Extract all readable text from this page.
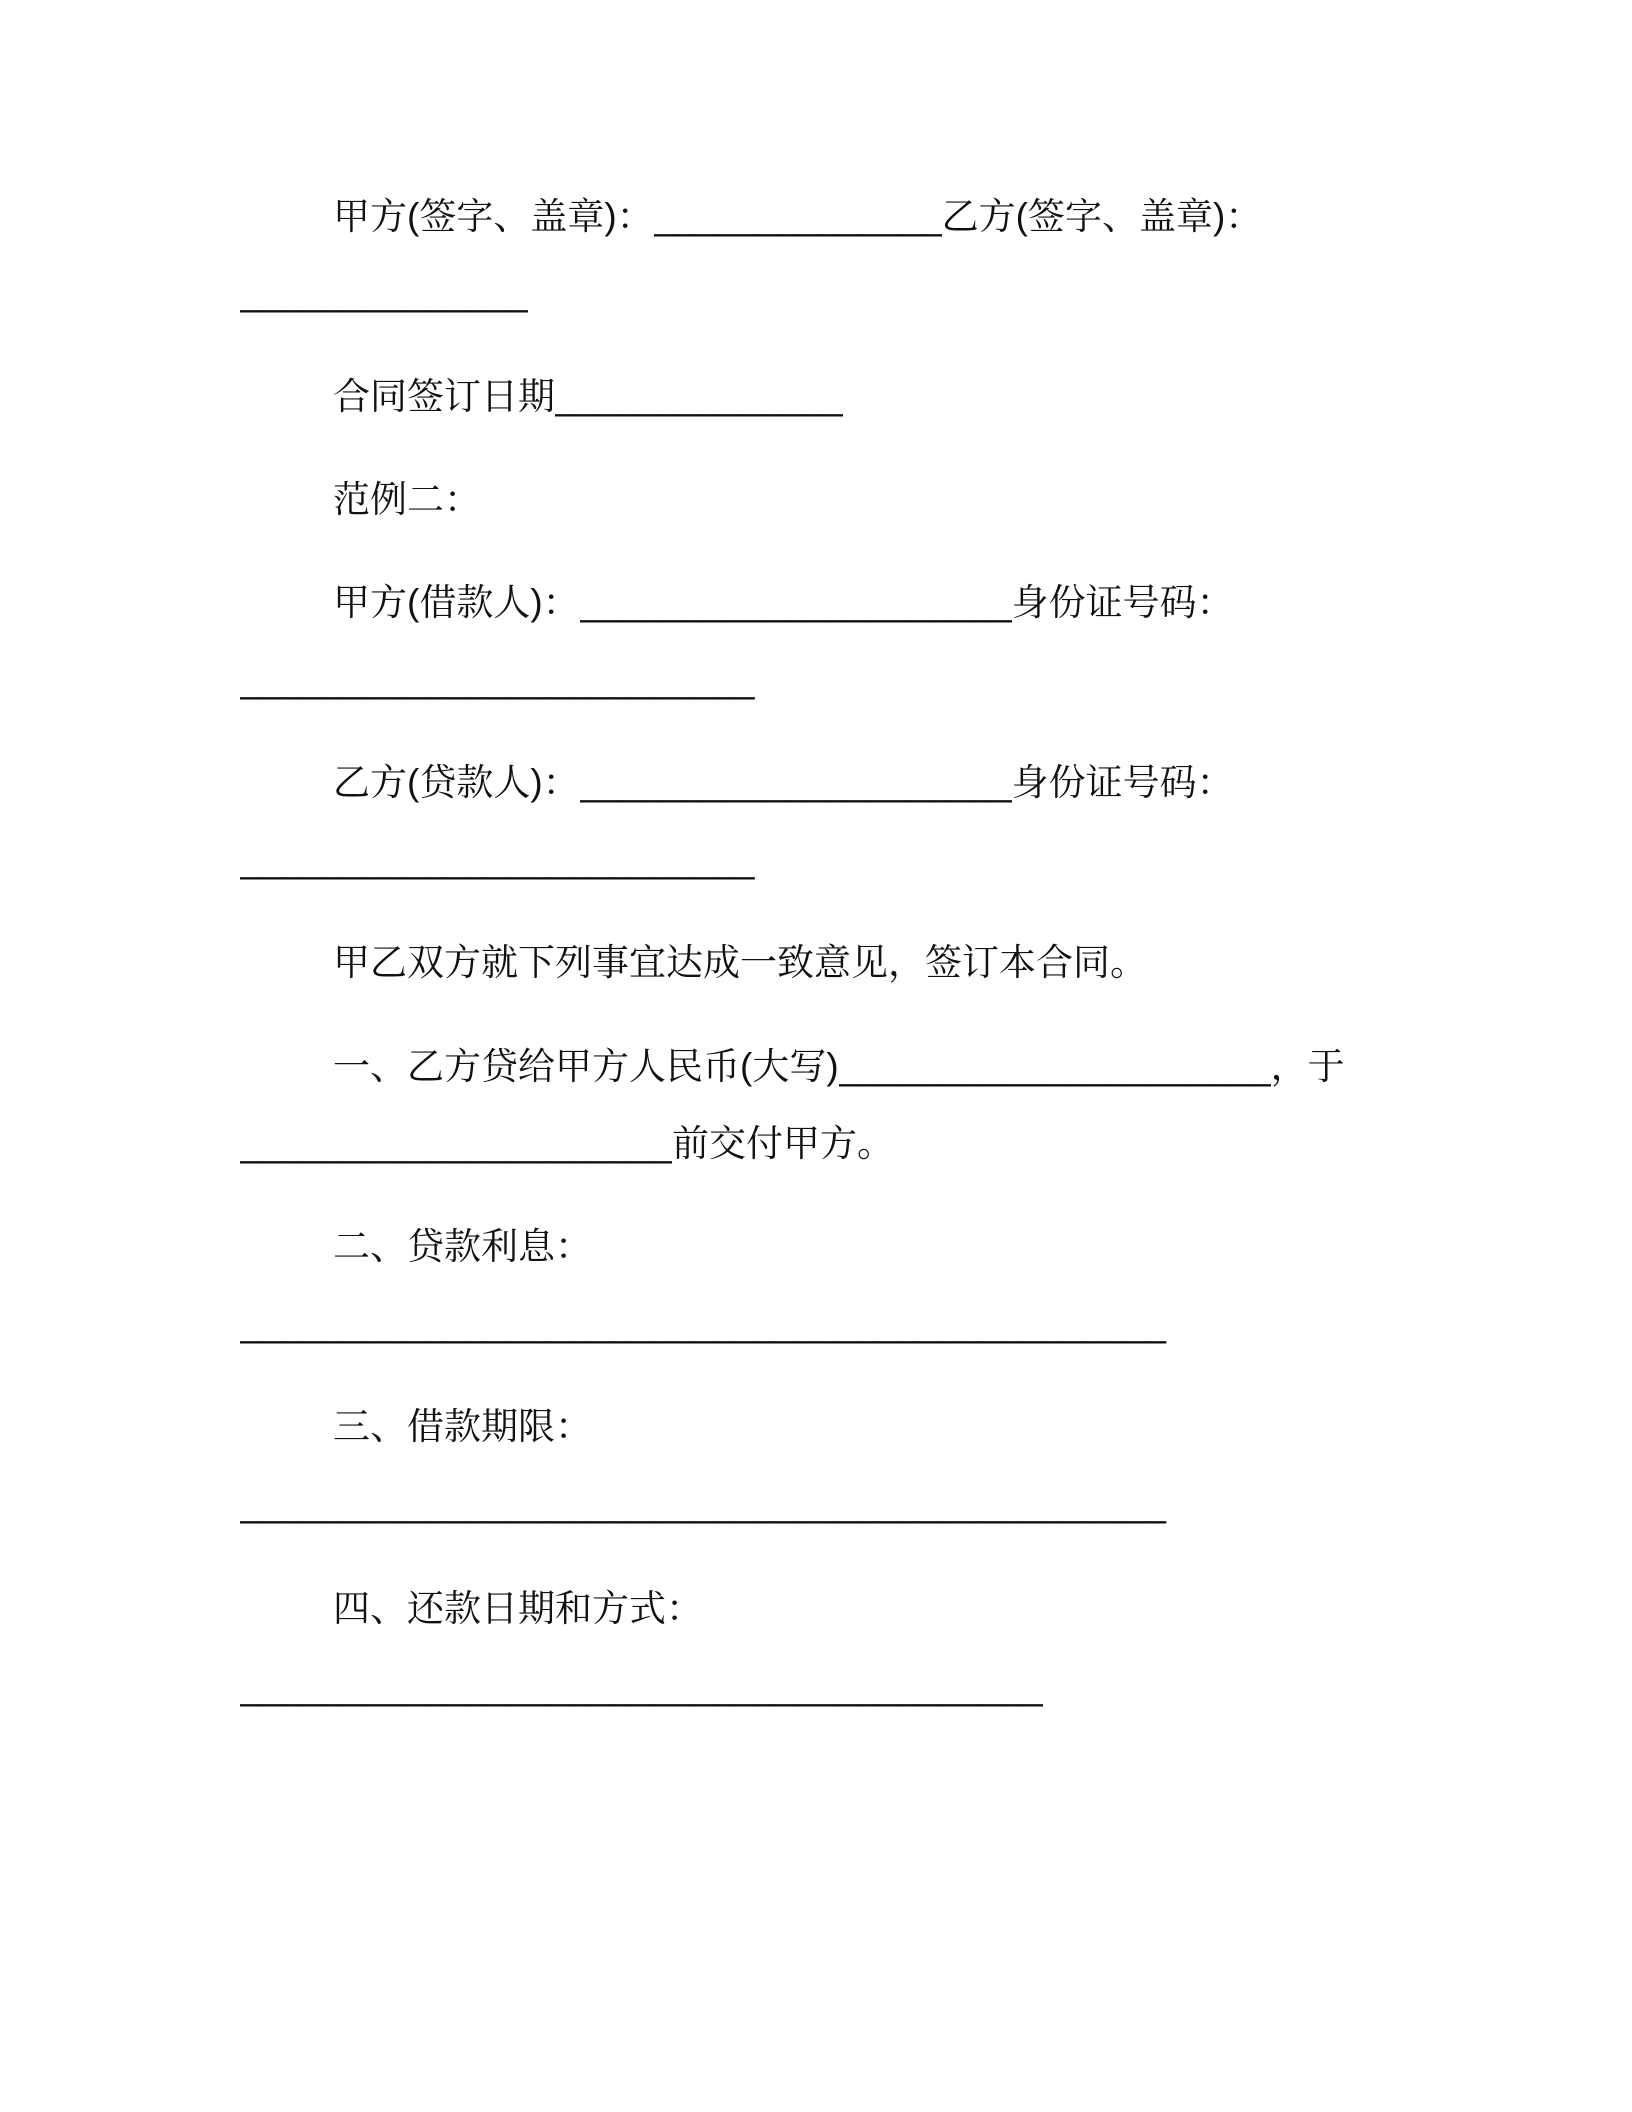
甲方(签字、盖章)：______________乙方(签字、盖章)：
______________
合同签订日期______________
范例二：
甲方(借款人)：_____________________身份证号码：
_________________________
乙方(贷款人)：_____________________身份证号码：
_________________________
甲乙双方就下列事宜达成一致意见，签订本合同。
一、乙方贷给甲方人民币(大写)_____________________，于
_____________________前交付甲方。
二、贷款利息：
_____________________________________________
三、借款期限：
_____________________________________________
四、还款日期和方式：
_______________________________________
